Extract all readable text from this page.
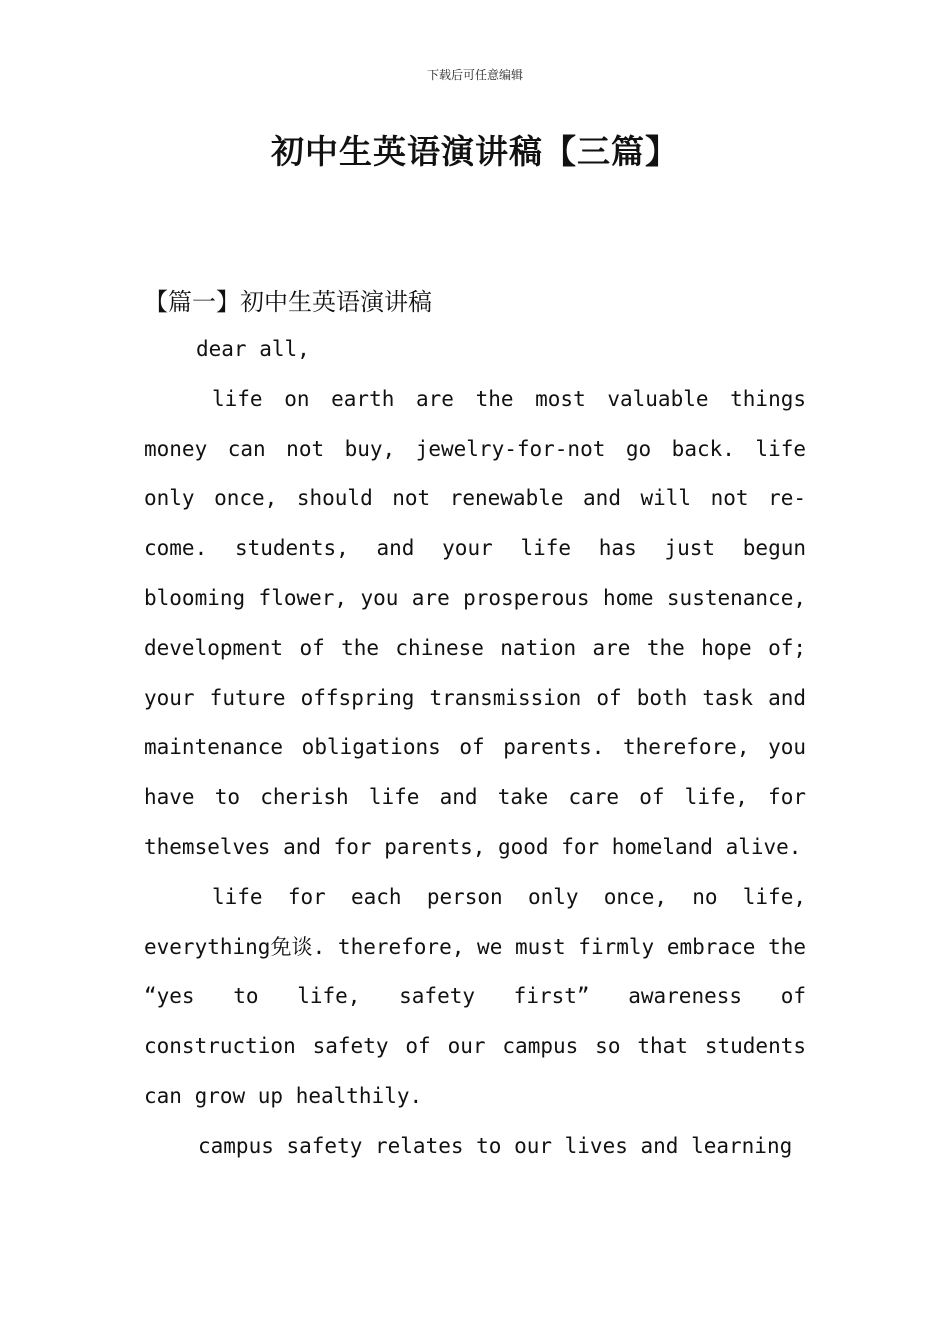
下载后可任意编辑
初中生英语演讲稿【三篇】
【篇一】初中生英语演讲稿

dear all,

life on earth are the most valuable things money can not buy, jewelry-for-not go back. life only once, should not renewable and will not re-come. students, and your life has just begun blooming flower, you are prosperous home sustenance, development of the chinese nation are the hope of; your future offspring transmission of both task and maintenance obligations of parents. therefore, you have to cherish life and take care of life, for themselves and for parents, good for homeland alive.

life for each person only once, no life, everything免谈. therefore, we must firmly embrace the “yes to life, safety first” awareness of construction safety of our campus so that students can grow up healthily.

campus safety relates to our lives and learning
